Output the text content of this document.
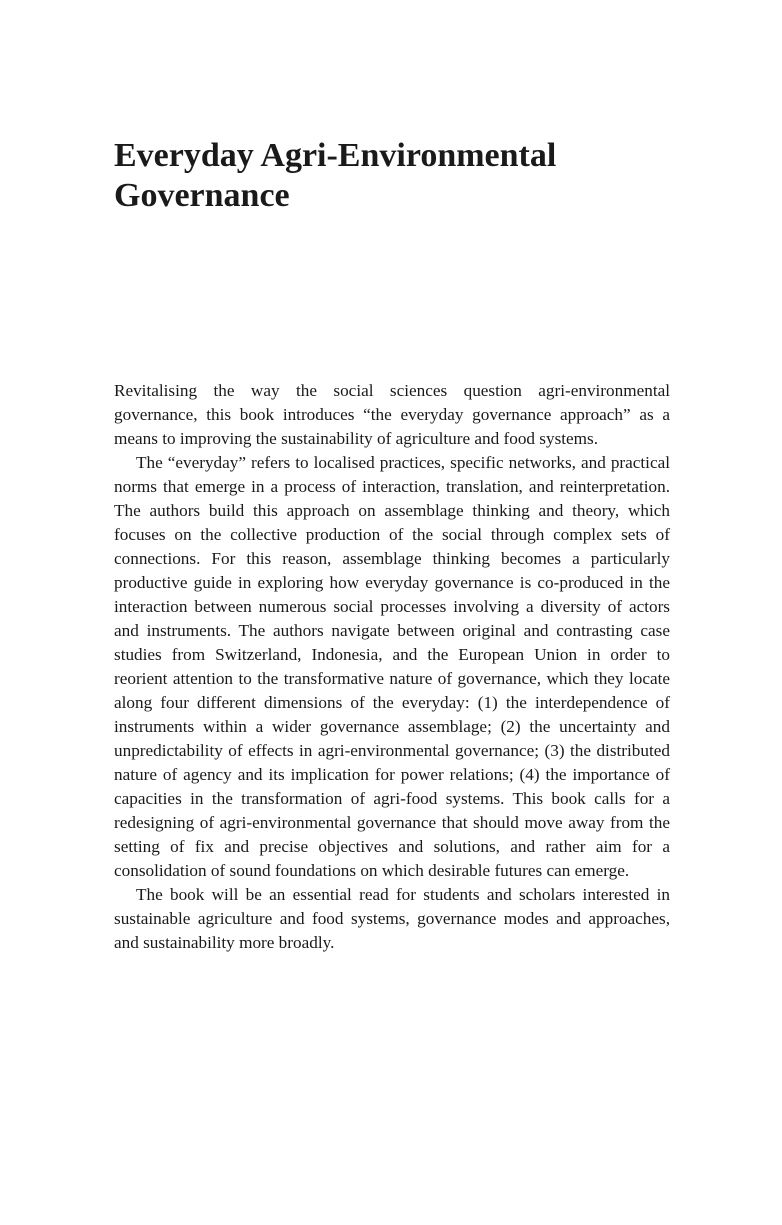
Everyday Agri-Environmental
Governance

Revitalising the way the social sciences question agri-environmental governance, this book introduces “the everyday governance approach” as a means to improving the sustainability of agriculture and food systems.

The “everyday” refers to localised practices, specific networks, and practical norms that emerge in a process of interaction, translation, and reinterpretation. The authors build this approach on assemblage thinking and theory, which focuses on the collective production of the social through complex sets of connections. For this reason, assemblage thinking becomes a particularly productive guide in exploring how everyday governance is co-produced in the interaction between numerous social processes involving a diversity of actors and instruments. The authors navigate between original and contrasting case studies from Switzerland, Indonesia, and the European Union in order to reorient attention to the transformative nature of governance, which they locate along four different dimensions of the everyday: (1) the interdependence of instruments within a wider governance assemblage; (2) the uncertainty and unpredictability of effects in agri-environmental governance; (3) the distributed nature of agency and its implication for power relations; (4) the importance of capacities in the transformation of agri-food systems. This book calls for a redesigning of agri-environmental governance that should move away from the setting of fix and precise objectives and solutions, and rather aim for a consolidation of sound foundations on which desirable futures can emerge.

The book will be an essential read for students and scholars interested in sustainable agriculture and food systems, governance modes and approaches, and sustainability more broadly.
